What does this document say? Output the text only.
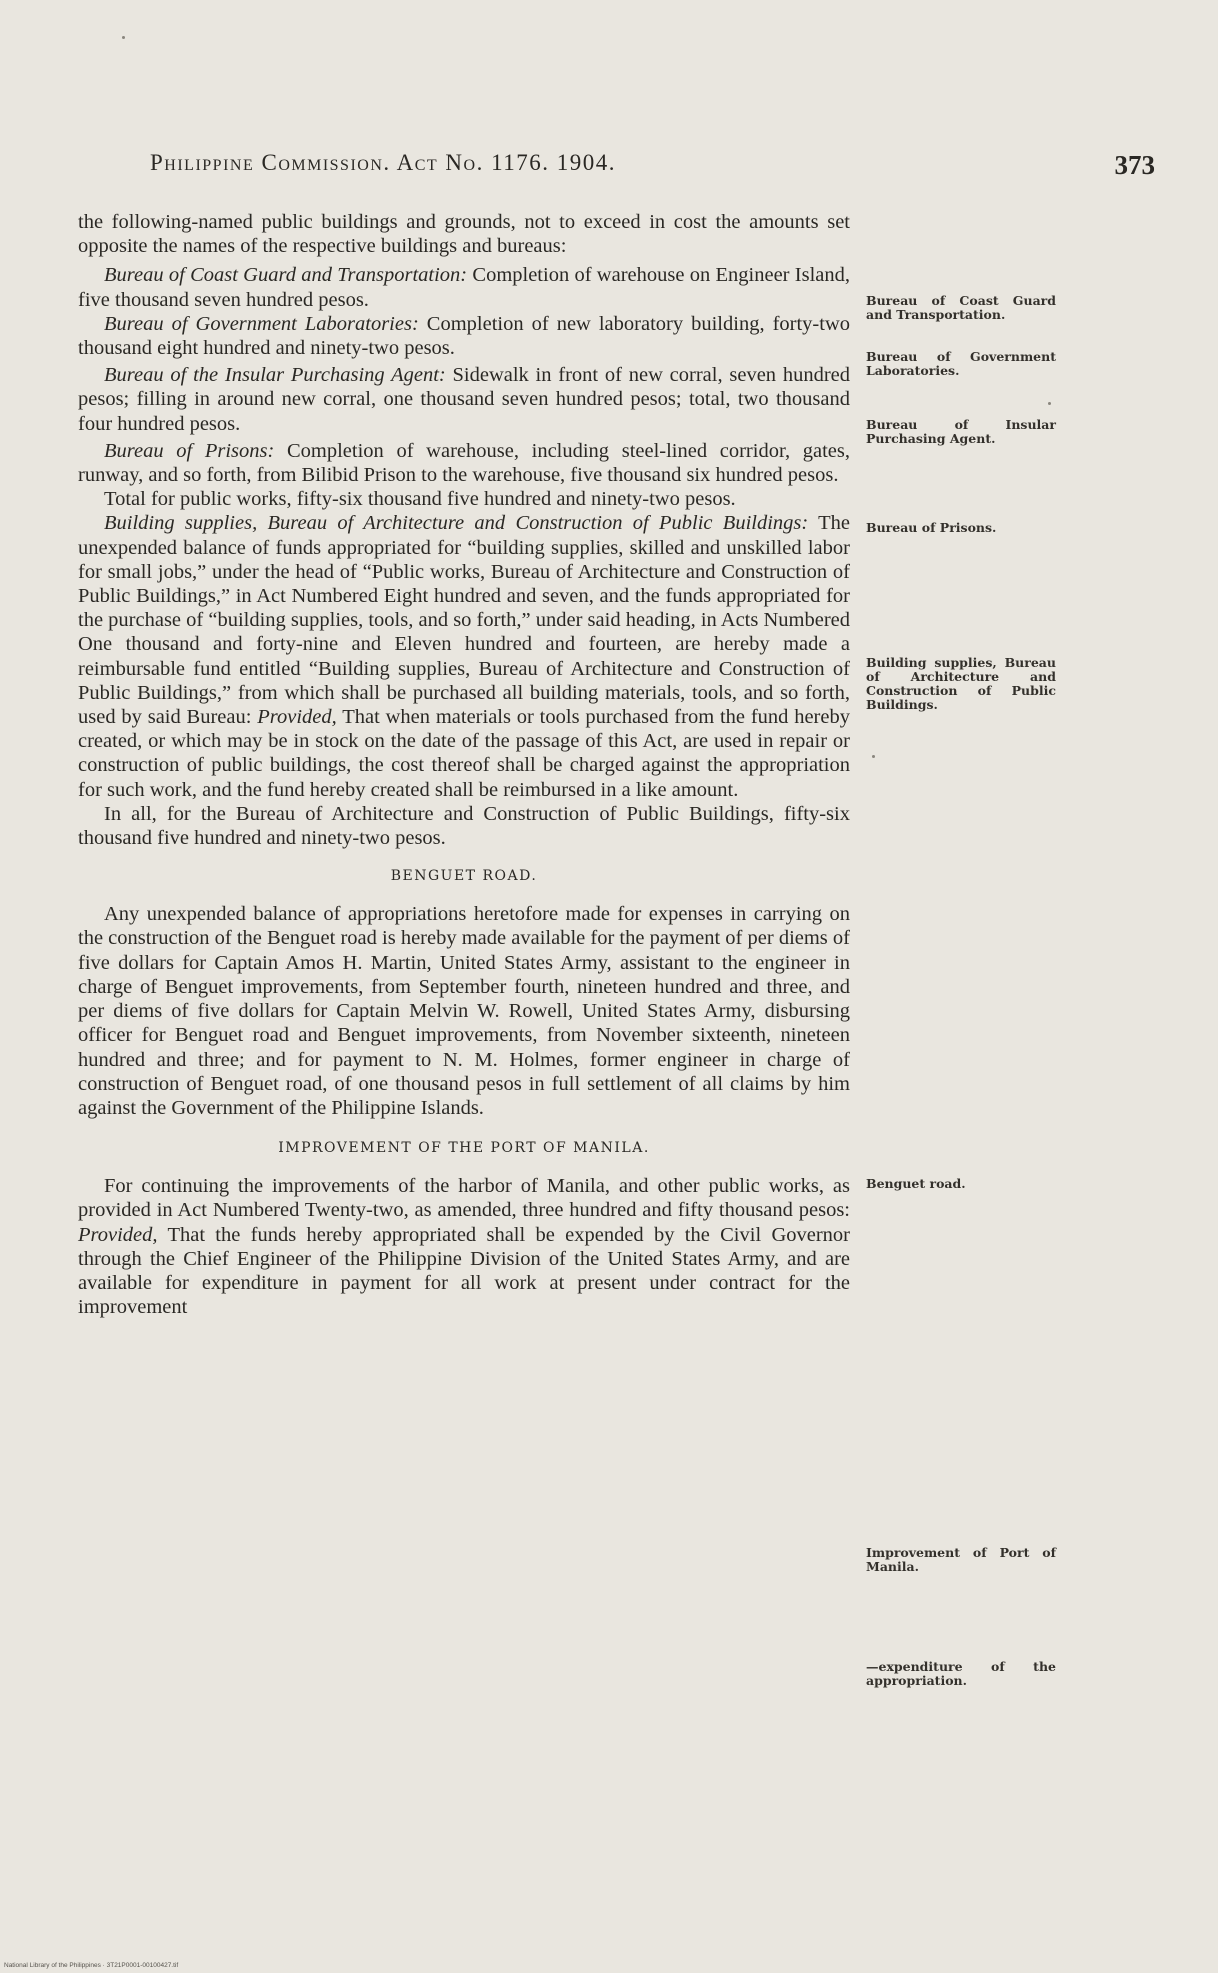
Philippine Commission. Act No. 1176. 1904.	373

the following-named public buildings and grounds, not to exceed in cost the amounts set opposite the names of the respective buildings and bureaus:

Bureau of Coast Guard and Transportation: Completion of warehouse on Engineer Island, five thousand seven hundred pesos.

Bureau of Government Laboratories: Completion of new laboratory building, forty-two thousand eight hundred and ninety-two pesos.

Bureau of the Insular Purchasing Agent: Sidewalk in front of new corral, seven hundred pesos; filling in around new corral, one thousand seven hundred pesos; total, two thousand four hundred pesos.

Bureau of Prisons: Completion of warehouse, including steel-lined corridor, gates, runway, and so forth, from Bilibid Prison to the warehouse, five thousand six hundred pesos.

Total for public works, fifty-six thousand five hundred and ninety-two pesos.

Building supplies, Bureau of Architecture and Construction of Public Buildings: The unexpended balance of funds appropriated for “building supplies, skilled and unskilled labor for small jobs,” under the head of “Public works, Bureau of Architecture and Construction of Public Buildings,” in Act Numbered Eight hundred and seven, and the funds appropriated for the purchase of “building supplies, tools, and so forth,” under said heading, in Acts Numbered One thousand and forty-nine and Eleven hundred and fourteen, are hereby made a reimbursable fund entitled “Building supplies, Bureau of Architecture and Construction of Public Buildings,” from which shall be purchased all building materials, tools, and so forth, used by said Bureau: Provided, That when materials or tools purchased from the fund hereby created, or which may be in stock on the date of the passage of this Act, are used in repair or construction of public buildings, the cost thereof shall be charged against the appropriation for such work, and the fund hereby created shall be reimbursed in a like amount.

In all, for the Bureau of Architecture and Construction of Public Buildings, fifty-six thousand five hundred and ninety-two pesos.

BENGUET ROAD.

Any unexpended balance of appropriations heretofore made for expenses in carrying on the construction of the Benguet road is hereby made available for the payment of per diems of five dollars for Captain Amos H. Martin, United States Army, assistant to the engineer in charge of Benguet improvements, from September fourth, nineteen hundred and three, and per diems of five dollars for Captain Melvin W. Rowell, United States Army, disbursing officer for Benguet road and Benguet improvements, from November sixteenth, nineteen hundred and three; and for payment to N. M. Holmes, former engineer in charge of construction of Benguet road, of one thousand pesos in full settlement of all claims by him against the Government of the Philippine Islands.

IMPROVEMENT OF THE PORT OF MANILA.

For continuing the improvements of the harbor of Manila, and other public works, as provided in Act Numbered Twenty-two, as amended, three hundred and fifty thousand pesos: Provided, That the funds hereby appropriated shall be expended by the Civil Governor through the Chief Engineer of the Philippine Division of the United States Army, and are available for expenditure in payment for all work at present under contract for the improvement

Bureau of Coast Guard and Transportation.
Bureau of Government Laboratories.
Bureau of Insular Purchasing Agent.
Bureau of Prisons.
Building supplies, Bureau of Architecture and Construction of Public Buildings.
Benguet road.
Improvement of Port of Manila.
—expenditure of the appropriation.
National Library of the Philippines · 3T21P0001-00100427.tif
